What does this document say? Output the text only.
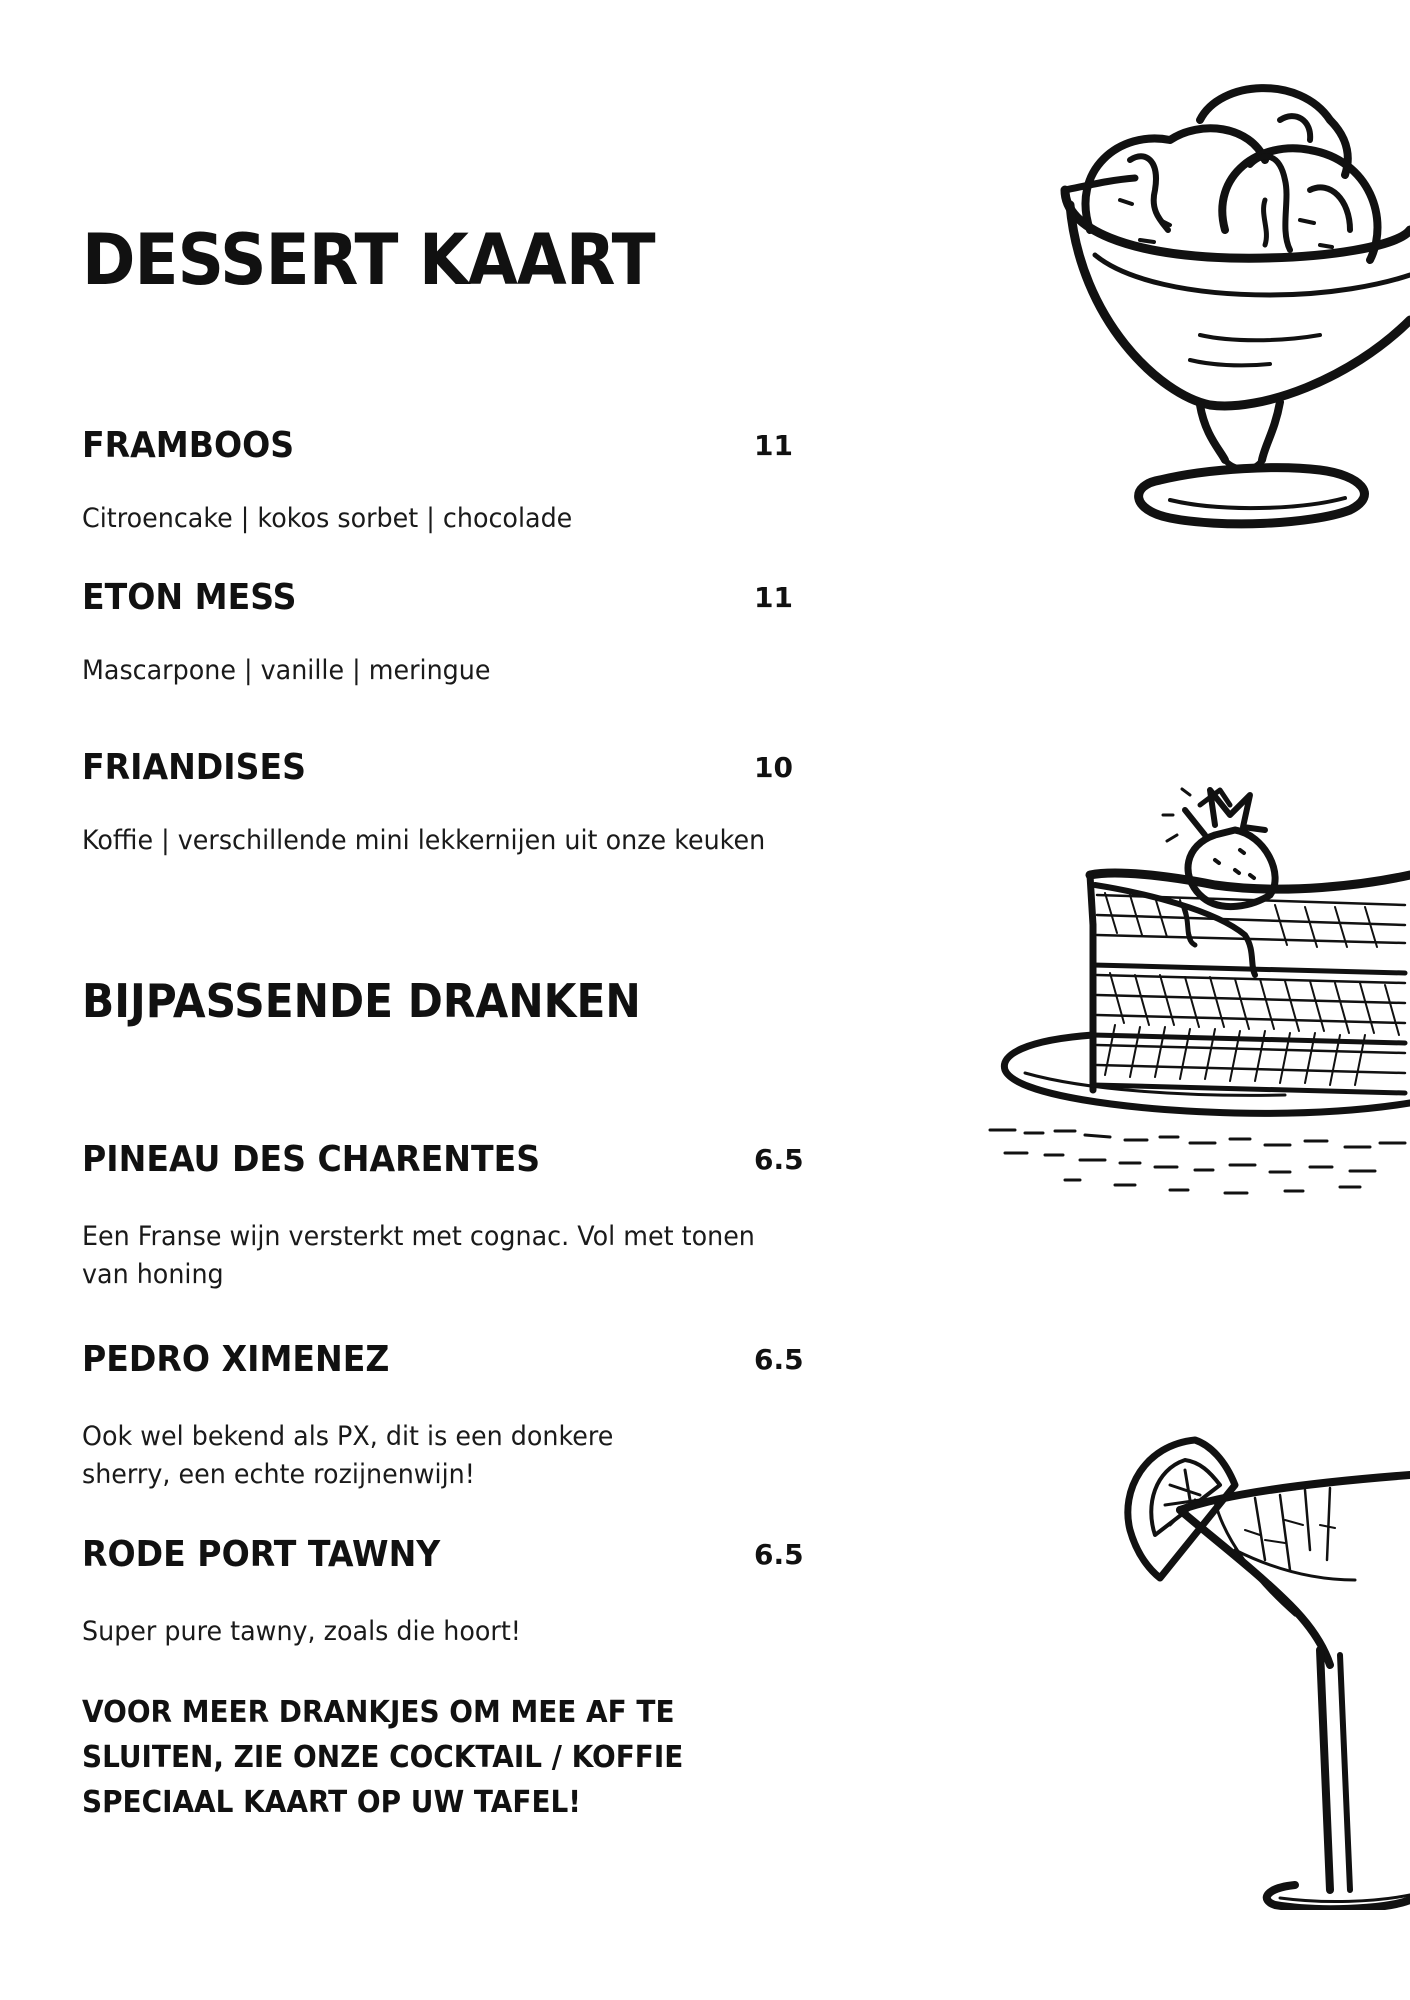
DESSERT KAART
FRAMBOOS	11
Citroencake | kokos sorbet | chocolade
ETON MESS	11
Mascarpone | vanille | meringue
FRIANDISES	10
Koffie | verschillende mini lekkernijen uit onze keuken
BIJPASSENDE DRANKEN
PINEAU DES CHARENTES	6.5
Een Franse wijn versterkt met cognac. Vol met tonen van honing
PEDRO XIMENEZ	6.5
Ook wel bekend als PX, dit is een donkere sherry, een echte rozijnenwijn!
RODE PORT TAWNY	6.5
Super pure tawny, zoals die hoort!

VOOR MEER DRANKJES OM MEE AF TE SLUITEN, ZIE ONZE COCKTAIL / KOFFIE SPECIAAL KAART OP UW TAFEL!
